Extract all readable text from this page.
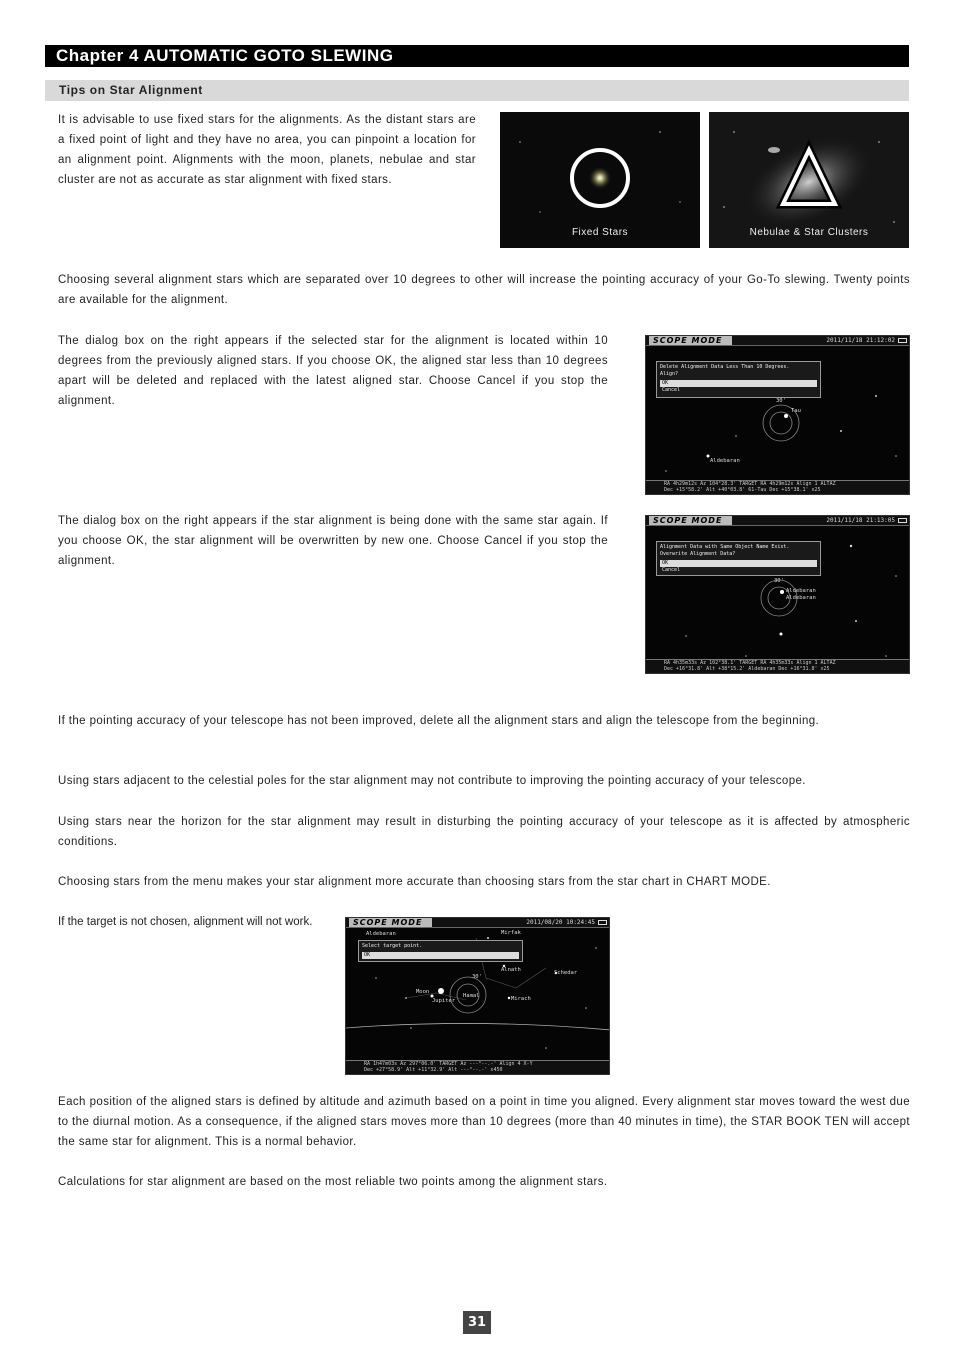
Chapter 4 AUTOMATIC GOTO SLEWING
Tips on Star Alignment

It is advisable to use fixed stars for the alignments. As the distant stars are a fixed point of light and they have no area, you can pinpoint a location for an alignment point. Alignments with the moon, planets, nebulae and star cluster are not as accurate as star alignment with fixed stars.

Fixed Stars	Nebulae & Star Clusters

Choosing several alignment stars which are separated over 10 degrees to other will increase the pointing accuracy of your Go-To slewing. Twenty points are available for the alignment.

The dialog box on the right appears if the selected star for the alignment is located within 10 degrees from the previously aligned stars. If you choose OK, the aligned star less than 10 degrees apart will be deleted and replaced with the latest aligned star. Choose Cancel if you stop the alignment.

SCOPE MODE	2011/11/18 21:12:02
Delete Alignment Data Less Than 10 Degrees.
Align?
OK
Cancel
30'
Tau
Aldebaran
RA 4h29m12s Az 104°28.3' TARGET RA 4h29m12s Align 1 ALTAZ
Dec +15°58.2' Alt +40°03.8' 61-Tau Dec +15°38.1' x25

The dialog box on the right appears if the star alignment is being done with the same star again. If you choose OK, the star alignment will be overwritten by new one. Choose Cancel if you stop the alignment.

SCOPE MODE	2011/11/18 21:13:05
Alignment Data with Same Object Name Exist.
Overwrite Alignment Data?
OK
Cancel
30'
Aldebaran
Aldebaran
RA 4h35m33s Az 102°38.1' TARGET RA 4h35m33s Align 1 ALTAZ
Dec +16°31.8' Alt +38°15.2' Aldebaran Dec +16°31.8' x25

If the pointing accuracy of your telescope has not been improved, delete all the alignment stars and align the telescope from the beginning.

Using stars adjacent to the celestial poles for the star alignment may not contribute to improving the pointing accuracy of your telescope.

Using stars near the horizon for the star alignment may result in disturbing the pointing accuracy of your telescope as it is affected by atmospheric conditions.

Choosing stars from the menu makes your star alignment more accurate than choosing stars from the star chart in CHART MODE.

If the target is not chosen, alignment will not work.	SCOPE MODE	2011/08/20 10:24:45
Select target point.
OK
Aldebaran
Alnath
Moon
Jupiter	Mirach
Hamal
Schedar
Mirfak
30'
RA 1h47m03s Az 297°06.0' TARGET Az ---°--.-' Align 4 X-Y
Dec +27°58.9' Alt +11°32.9' Alt ---°--.-' x450

Each position of the aligned stars is defined by altitude and azimuth based on a point in time you aligned. Every alignment star moves toward the west due to the diurnal motion. As a consequence, if the aligned stars moves more than 10 degrees (more than 40 minutes in time), the STAR BOOK TEN will accept the same star for alignment. This is a normal behavior.

Calculations for star alignment are based on the most reliable two points among the alignment stars.

31
